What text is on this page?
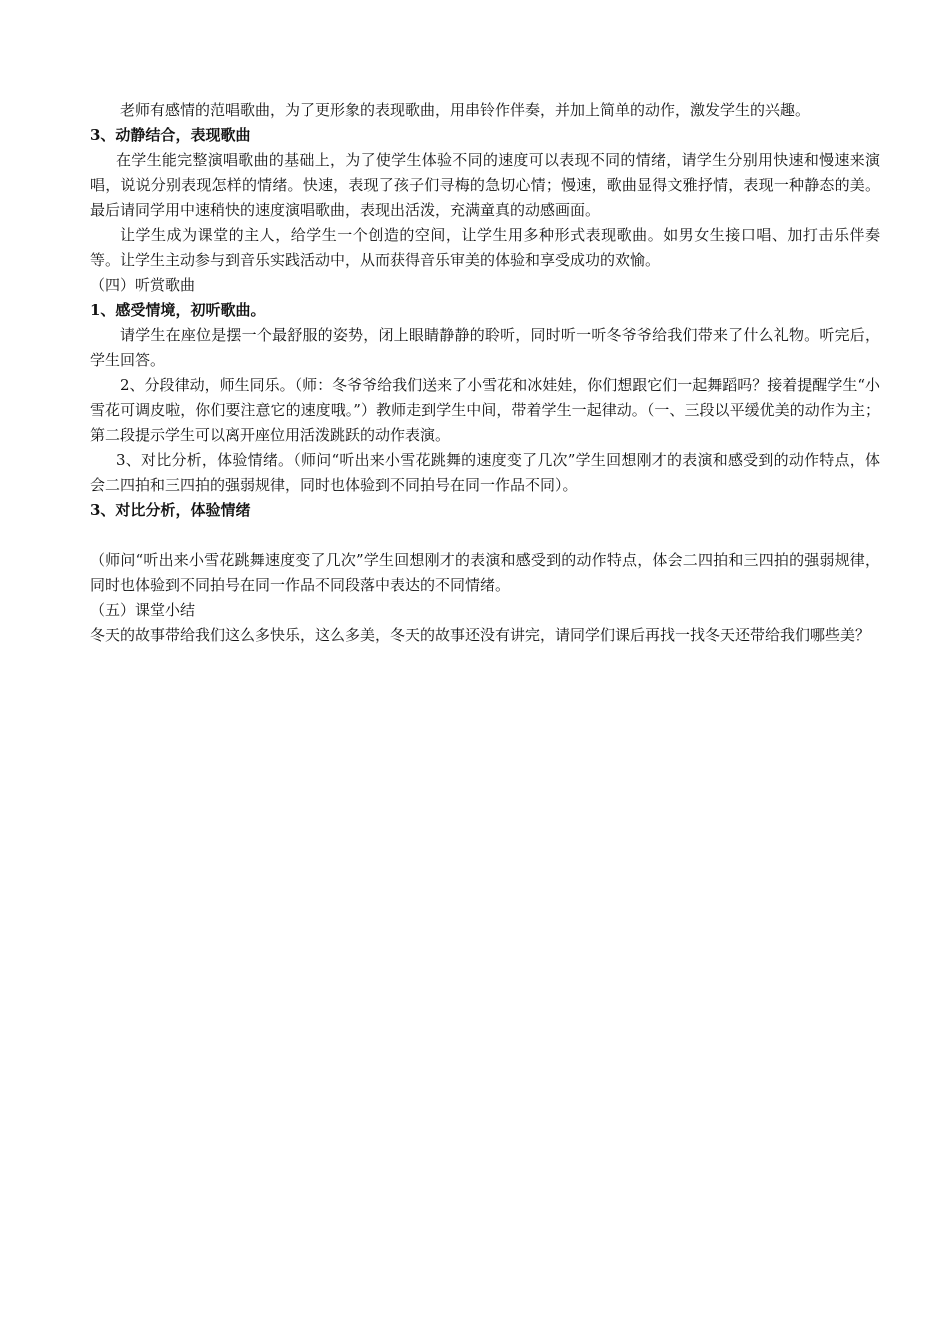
老师有感情的范唱歌曲，为了更形象的表现歌曲，用串铃作伴奏，并加上简单的动作，激发学生的兴趣。

3、动静结合，表现歌曲

在学生能完整演唱歌曲的基础上，为了使学生体验不同的速度可以表现不同的情绪，请学生分别用快速和慢速来演唱，说说分别表现怎样的情绪。快速，表现了孩子们寻梅的急切心情；慢速，歌曲显得文雅抒情，表现一种静态的美。最后请同学用中速稍快的速度演唱歌曲，表现出活泼，充满童真的动感画面。

让学生成为课堂的主人，给学生一个创造的空间，让学生用多种形式表现歌曲。如男女生接口唱、加打击乐伴奏等。让学生主动参与到音乐实践活动中，从而获得音乐审美的体验和享受成功的欢愉。

（四）听赏歌曲

1、感受情境，初听歌曲。

请学生在座位是摆一个最舒服的姿势，闭上眼睛静静的聆听，同时听一听冬爷爷给我们带来了什么礼物。听完后，学生回答。

2、分段律动，师生同乐。（师：冬爷爷给我们送来了小雪花和冰娃娃，你们想跟它们一起舞蹈吗？接着提醒学生“小雪花可调皮啦，你们要注意它的速度哦。”）教师走到学生中间，带着学生一起律动。（一、三段以平缓优美的动作为主；第二段提示学生可以离开座位用活泼跳跃的动作表演。

3、对比分析，体验情绪。（师问“听出来小雪花跳舞的速度变了几次”学生回想刚才的表演和感受到的动作特点，体会二四拍和三四拍的强弱规律，同时也体验到不同拍号在同一作品不同）。

3、对比分析，体验情绪

（师问“听出来小雪花跳舞速度变了几次”学生回想刚才的表演和感受到的动作特点，体会二四拍和三四拍的强弱规律，同时也体验到不同拍号在同一作品不同段落中表达的不同情绪。

（五）课堂小结

冬天的故事带给我们这么多快乐，这么多美，冬天的故事还没有讲完，请同学们课后再找一找冬天还带给我们哪些美？
